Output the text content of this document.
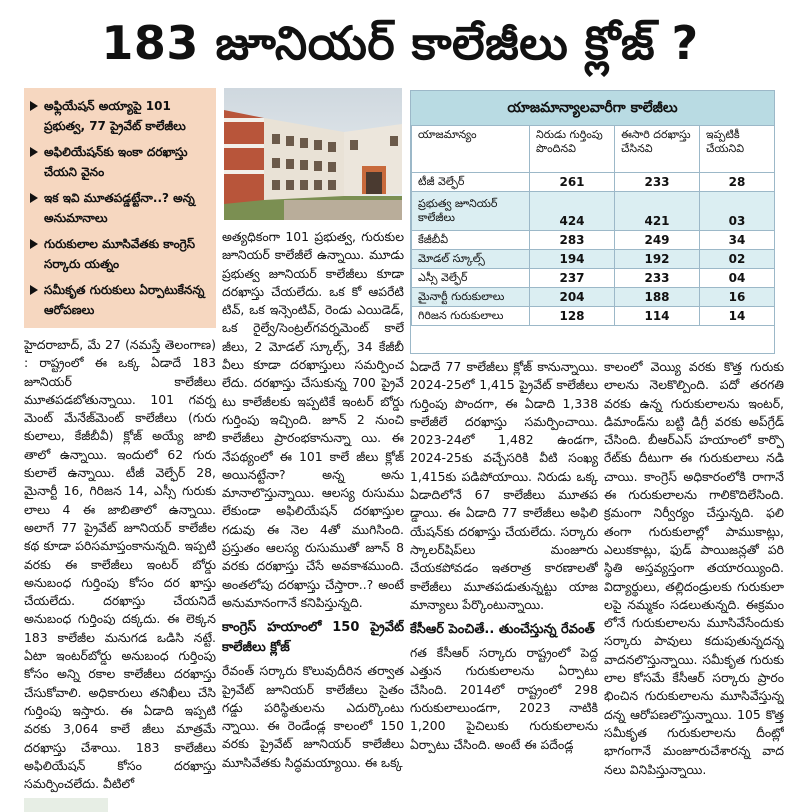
183 జూనియర్ కాలేజీలు క్లోజ్ ?
అఫ్లియేషన్ అయ్యాపై 101 ప్రభుత్వ, 77 ప్రైవేట్ కాలేజీలు
అఫిలియేషన్‌కు ఇంకా దరఖాస్తు చేయని వైనం
ఇక ఇవి మూతపడ్డట్టేనా..? అన్న అనుమానాలు
గురుకులాల మూసివేతకు కాంగ్రెస్ సర్కారు యత్నం
సమీకృత గురుకులు ఏర్పాటుకేనన్న ఆరోపణలు
యాజమాన్యాలవారీగా కాలేజీలు
యాజమాన్యం	నిరుడు గుర్తింపు పొందినవి	ఈసారి దరఖాస్తు చేసినవి	ఇప్పటికీ చేయనివి
టీజీ వెల్ఫేర్	261	233	28
ప్రభుత్వ జూనియర్ కాలేజీలు	424	421	03
కేజీబీవీ	283	249	34
మోడల్ స్కూల్స్	194	192	02
ఎస్సీ వెల్ఫేర్	237	233	04
మైనార్టీ గురుకులాలు	204	188	16
గిరిజన గురుకులాలు	128	114	14
హైదరాబాద్, మే 27 (నమస్తే తెలంగాణ) : రాష్ట్రంలో ఈ ఒక్క ఏడాదే 183 జూనియర్ కాలేజీలు మూతపడబోతున్నాయి. 101 గవర్న మెంట్ మేనేజ్‌మెంట్ కాలేజీలు (గురు కులాలు, కేజీబీవీ) క్లోజ్ అయ్యే జాబి తాలో ఉన్నాయి. ఇందులో 62 గురు కులాలే ఉన్నాయి. టీజీ వెల్ఫేర్ 28, మైనార్టీ 16, గిరిజన 14, ఎస్సీ గురుకు లాలు 4 ఈ జాబితాలో ఉన్నాయి. అలాగే 77 ప్రైవేట్ జూనియర్ కాలేజీల కథ కూడా పరిసమాప్తంకానున్నది. ఇప్పటి వరకు ఈ కాలేజీలు ఇంటర్ బోర్డు అనుబంధ గుర్తింపు కోసం దర ఖాస్తు చేయలేదు. దరఖాస్తు చేయనిదే అనుబంధ గుర్తింపు దక్కదు. ఈ లెక్కన 183 కాలేజీల మనుగడ ఒడిసి నట్టే. ఏటా ఇంటర్‌బోర్డు అనుబంధ గుర్తింపు కోసం అన్ని రకాల కాలేజీలు దరఖాస్తు చేసుకోవాలి. అధికారులు తనిఖీలు చేసి గుర్తింపు ఇస్తారు. ఈ ఏడాది ఇప్పటి వరకు 3,064 కాలే జీలు మాత్రమే దరఖాస్తు చేశాయి. 183 కాలేజీలు అఫిలియేషన్ కోసం దరఖాస్తు సమర్పించలేదు. వీటిలో
అత్యధికంగా 101 ప్రభుత్వ, గురుకుల జూనియర్ కాలేజీలే ఉన్నాయి. మూడు ప్రభుత్వ జూనియర్ కాలేజీలు కూడా దరఖాస్తు చేయలేదు. ఒక కో ఆపరేటి టివ్, ఒక ఇన్సెంటివ్, రెండు ఎయిడెడ్, ఒక రైల్వే/సెంట్రల్‌గవర్నమెంట్ కాలే జీలు, 2 మోడల్ స్కూల్స్, 34 కేజీబీ వీలు కూడా దరఖాస్తులు సమర్పించ లేదు. దరఖాస్తు చేసుకున్న 700 ప్రైవే టు కాలేజీలకు ఇప్పటికే ఇంటర్ బోర్డు గుర్తింపు ఇచ్చింది. జూన్ 2 నుంచి కాలేజీలు ప్రారంభకానున్నా యి. ఈ నేపథ్యంలో ఈ 101 కాలే జీలు క్లోజ్ అయినట్టేనా? అన్న అను మానాలొస్తున్నాయి. ఆలస్య రుసుము లేకుండా అఫిలియేషన్ దరఖాస్తుల గడువు ఈ నెల 4తో ముగిసింది. ప్రస్తుతం ఆలస్య రుసుముతో జూన్ 8 వరకు దరఖాస్తు చేసే అవకాశముంది. అంతలోపు దరఖాస్తు చేస్తారా..? అంటే అనుమానంగానే కనిపిస్తున్నది.
కాంగ్రెస్ హయాంలో 150 ప్రైవేట్ కాలేజీలు క్లోజ్
రేవంత్ సర్కారు కొలువుదీరిన తర్వాత ప్రైవేట్ జూనియర్ కాలేజీలు సైతం గడ్డు పరిస్థితులను ఎదుర్కొంటు న్నాయి. ఈ రెండేండ్ల కాలంలో 150 వరకు ప్రైవేట్ జూనియర్ కాలేజీలు మూసివేతకు సిద్ధమయ్యాయి. ఈ ఒక్క
ఏడాదే 77 కాలేజీలు క్లోజ్ కానున్నాయి. 2024-25లో 1,415 ప్రైవేట్ కాలేజీలు గుర్తింపు పొందగా, ఈ ఏడాది 1,338 కాలేజీలే దరఖాస్తు సమర్పించాయి. 2023-24లో 1,482 ఉండగా, 2024-25కు వచ్చేసరికి వీటి సంఖ్య 1,415కు పడిపోయాయి. నిరుడు ఒక్క ఏడాదిలోనే 67 కాలేజీలు మూతప డ్డాయి. ఈ ఏడాది 77 కాలేజీలు అఫిలి యేషన్‌కు దరఖాస్తు చేయలేదు. సర్కారు స్కాలర్‌షిప్‌లు మంజూరు చేయకపోవడం ఇతరాత్ర కారణాలతో కాలేజీలు మూతపడుతున్నట్టు యాజ మాన్యాలు పేర్కొంటున్నాయి.
కేసీఆర్ పెంచితే.. తుంచేస్తున్న రేవంత్
గత కేసీఆర్ సర్కారు రాష్ట్రంలో పెద్ద ఎత్తున గురుకులాలను ఏర్పాటు చేసింది. 2014లో రాష్ట్రంలో 298 గురుకులాలుండగా, 2023 నాటికి 1,200 పైచిలుకు గురుకులాలను ఏర్పాటు చేసింది. అంటే ఈ పదేండ్ల
కాలంలో వెయ్యి వరకు కొత్త గురుకు లాలను నెలకొల్పింది. పదో తరగతి వరకు ఉన్న గురుకులాలను ఇంటర్, డిమాండ్‌ను బట్టి డిగ్రీ వరకు అప్‌గ్రేడ్ చేసింది. బీఆర్‌ఎస్ హయాంలో కార్పొ రేట్‌కు దీటుగా ఈ గురుకులాలు నడి చాయి. కాంగ్రెస్ అధికారంలోకి రాగానే ఈ గురుకులాలను గాలికొదిలేసింది. క్రమంగా నిర్వీర్యం చేస్తున్నది. ఫలి తంగా గురుకులాల్లో పాముకాట్లు, ఎలుకకాట్లు, ఫుడ్ పాయిజన్లతో పరి స్థితి అస్తవ్యస్తంగా తయారయ్యింది. విద్యార్థులు, తల్లిదండ్రులకు గురుకులా లపై నమ్మకం సడలుతున్నది. ఈక్రమం లోనే గురుకులాలను మూసివేసేందుకు సర్కారు పావులు కదుపుతున్నదన్న వాదనలొస్తున్నాయి. సమీకృత గురుకు లాల కోసమే కేసీఆర్ సర్కారు ప్రారం భించిన గురుకులాలను మూసివేస్తున్న దన్న ఆరోపణలొస్తున్నాయి. 105 కొత్త సమీకృత గురుకులాలను దీంట్లో భాగంగానే మంజూరుచేశారన్న వాద నలు వినిపిస్తున్నాయి.
